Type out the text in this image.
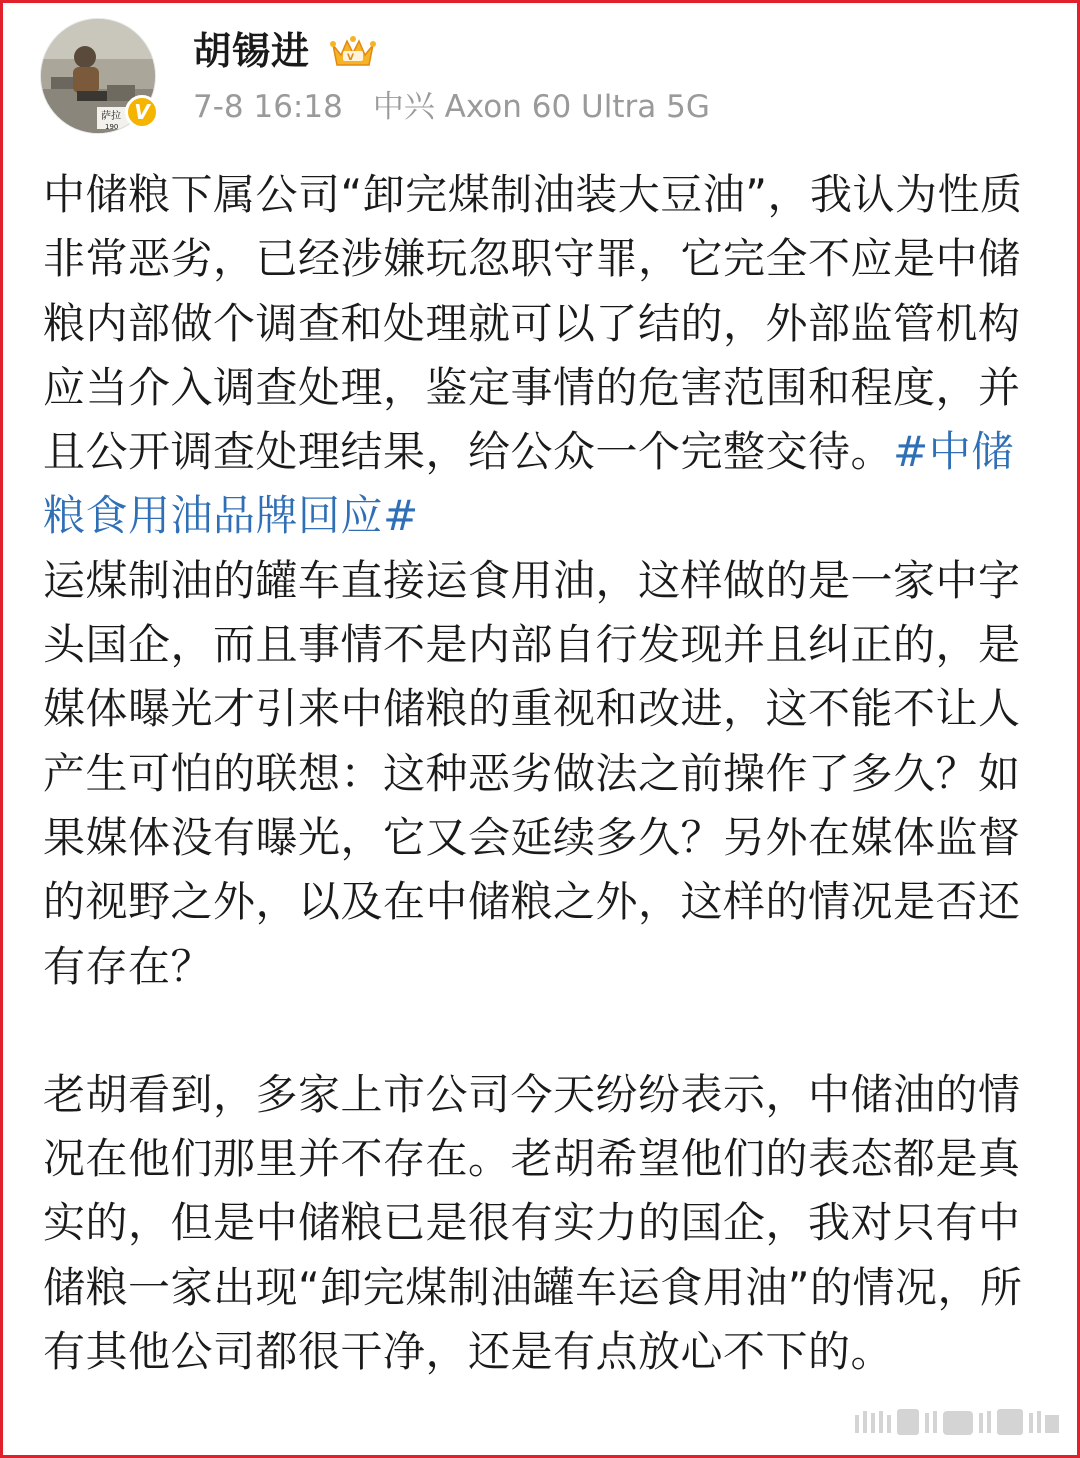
萨拉
190
V
胡锡进	V
7-8 16:18 中兴 Axon 60 Ultra 5G

中储粮下属公司“卸完煤制油装大豆油”，我认为性质非常恶劣，已经涉嫌玩忽职守罪，它完全不应是中储粮内部做个调查和处理就可以了结的，外部监管机构应当介入调查处理，鉴定事情的危害范围和程度，并且公开调查处理结果，给公众一个完整交待。#中储粮食用油品牌回应#

运煤制油的罐车直接运食用油，这样做的是一家中字头国企，而且事情不是内部自行发现并且纠正的，是媒体曝光才引来中储粮的重视和改进，这不能不让人产生可怕的联想：这种恶劣做法之前操作了多久？如果媒体没有曝光，它又会延续多久？另外在媒体监督的视野之外，以及在中储粮之外，这样的情况是否还有存在？

老胡看到，多家上市公司今天纷纷表示，中储油的情况在他们那里并不存在。老胡希望他们的表态都是真实的，但是中储粮已是很有实力的国企，我对只有中储粮一家出现“卸完煤制油罐车运食用油”的情况，所有其他公司都很干净，还是有点放心不下的。
